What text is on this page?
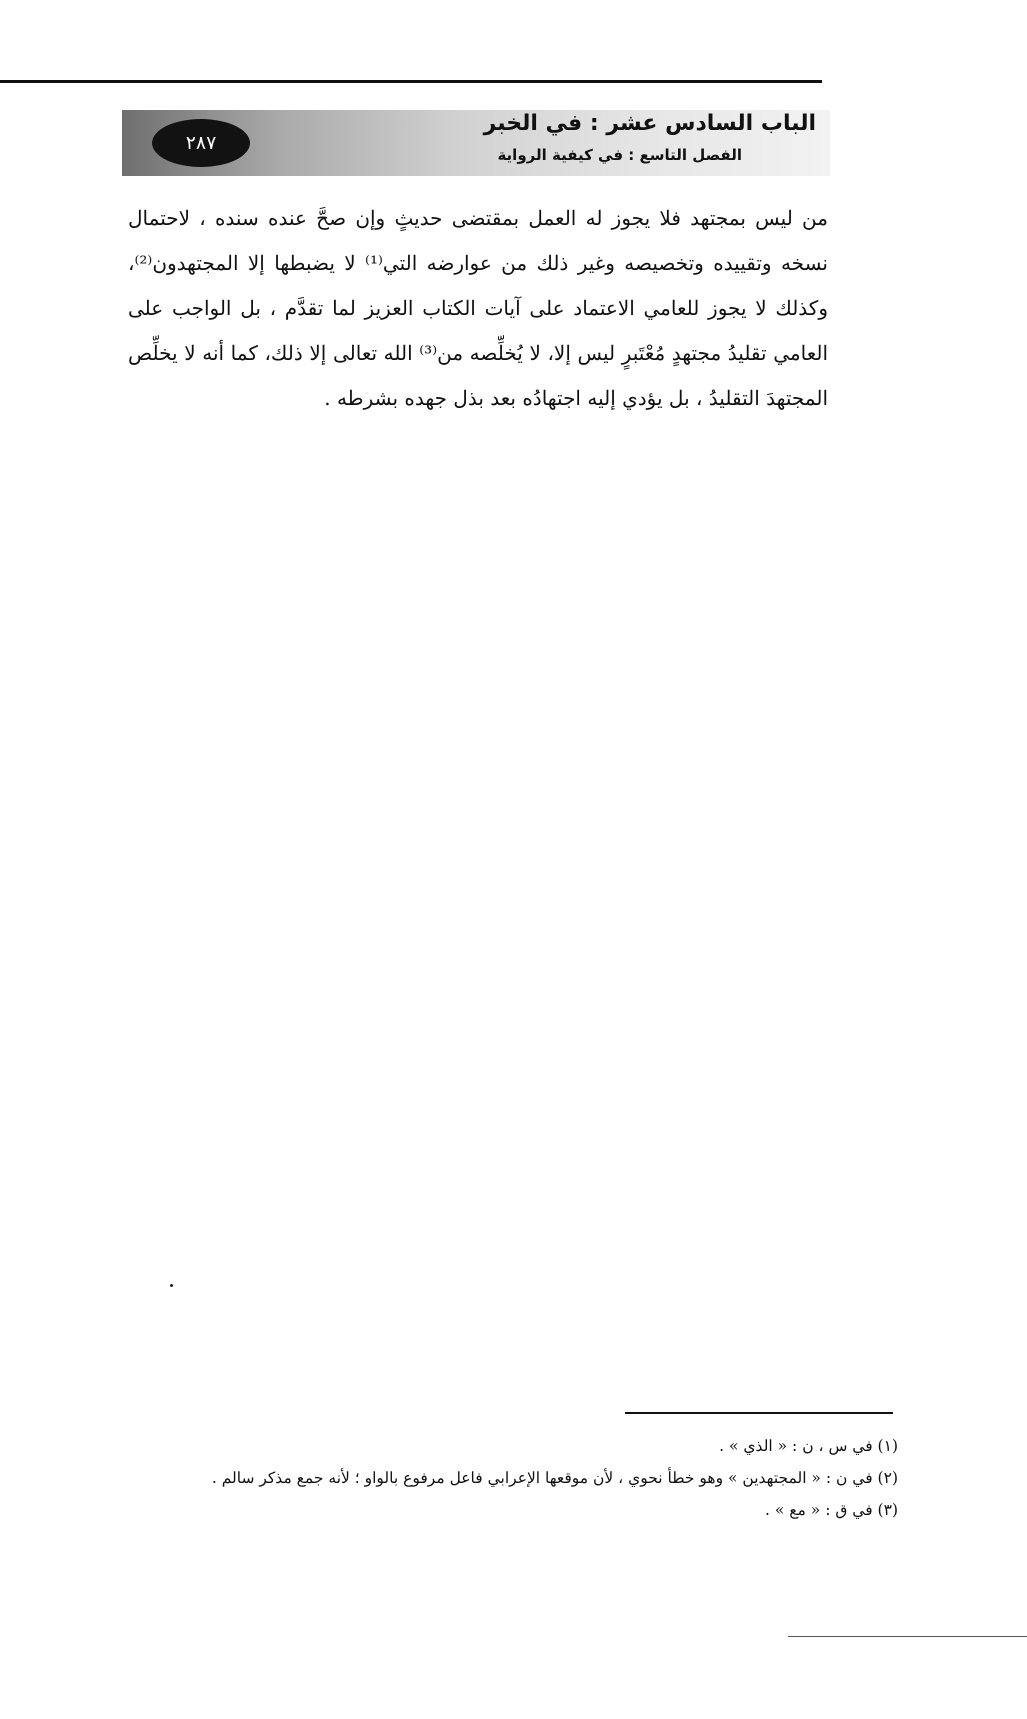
٢٨٧
الباب السادس عشر : في الخبر
الفصل التاسع : في كيفية الرواية

من ليس بمجتهد فلا يجوز له العمل بمقتضى حديثٍ وإن صحَّ عنده سنده ، لاحتمال نسخه وتقييده وتخصيصه وغير ذلك من عوارضه التي⁽¹⁾ لا يضبطها إلا المجتهدون⁽²⁾، وكذلك لا يجوز للعامي الاعتماد على آيات الكتاب العزيز لما تقدَّم ، بل الواجب على العامي تقليدُ مجتهدٍ مُعْتَبرٍ ليس إلا، لا يُخلِّصه من⁽³⁾ الله تعالى إلا ذلك، كما أنه لا يخلِّص المجتهدَ التقليدُ ، بل يؤدي إليه اجتهادُه بعد بذل جهده بشرطه .

(١) في س ، ن : « الذي » .
(٢) في ن : « المجتهدين » وهو خطأ نحوي ، لأن موقعها الإعرابي فاعل مرفوع بالواو ؛ لأنه جمع مذكر سالم .
(٣) في ق : « مع » .
